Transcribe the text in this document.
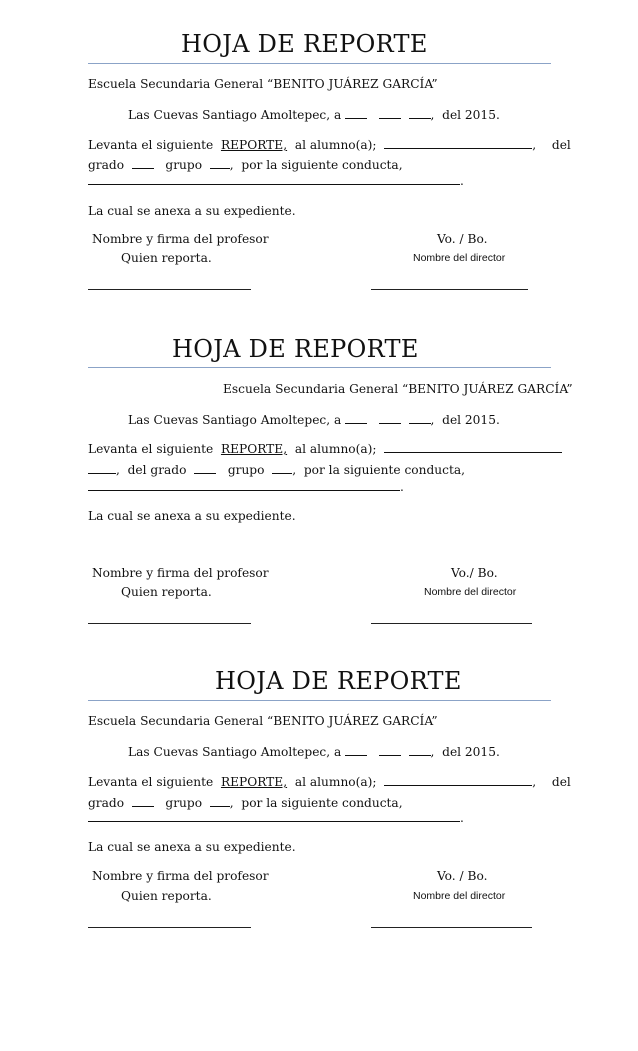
HOJA DE REPORTE
Escuela Secundaria General “BENITO JUÁREZ GARCÍA”
Las Cuevas Santiago Amoltepec, a	,  del 2015.
Levanta el siguiente REPORTE, al alumno(a);	,  del
grado	grupo ,  por la siguiente conducta,
.
La cual se anexa a su expediente.
Nombre y firma del profesor	Vo. / Bo.
Quien reporta.	Nombre del director
HOJA DE REPORTE
Escuela Secundaria General “BENITO JUÁREZ GARCÍA”
Las Cuevas Santiago Amoltepec, a	,  del 2015.
Levanta el siguiente REPORTE, al alumno(a);
,  del grado	grupo ,  por la siguiente conducta,
.
La cual se anexa a su expediente.
Nombre y firma del profesor	Vo./ Bo.
Quien reporta.	Nombre del director
HOJA DE REPORTE
Escuela Secundaria General “BENITO JUÁREZ GARCÍA”
Las Cuevas Santiago Amoltepec, a	,  del 2015.
Levanta el siguiente REPORTE, al alumno(a);	,  del
grado	grupo ,  por la siguiente conducta,
.
La cual se anexa a su expediente.
Nombre y firma del profesor	Vo. / Bo.
Quien reporta.	Nombre del director
